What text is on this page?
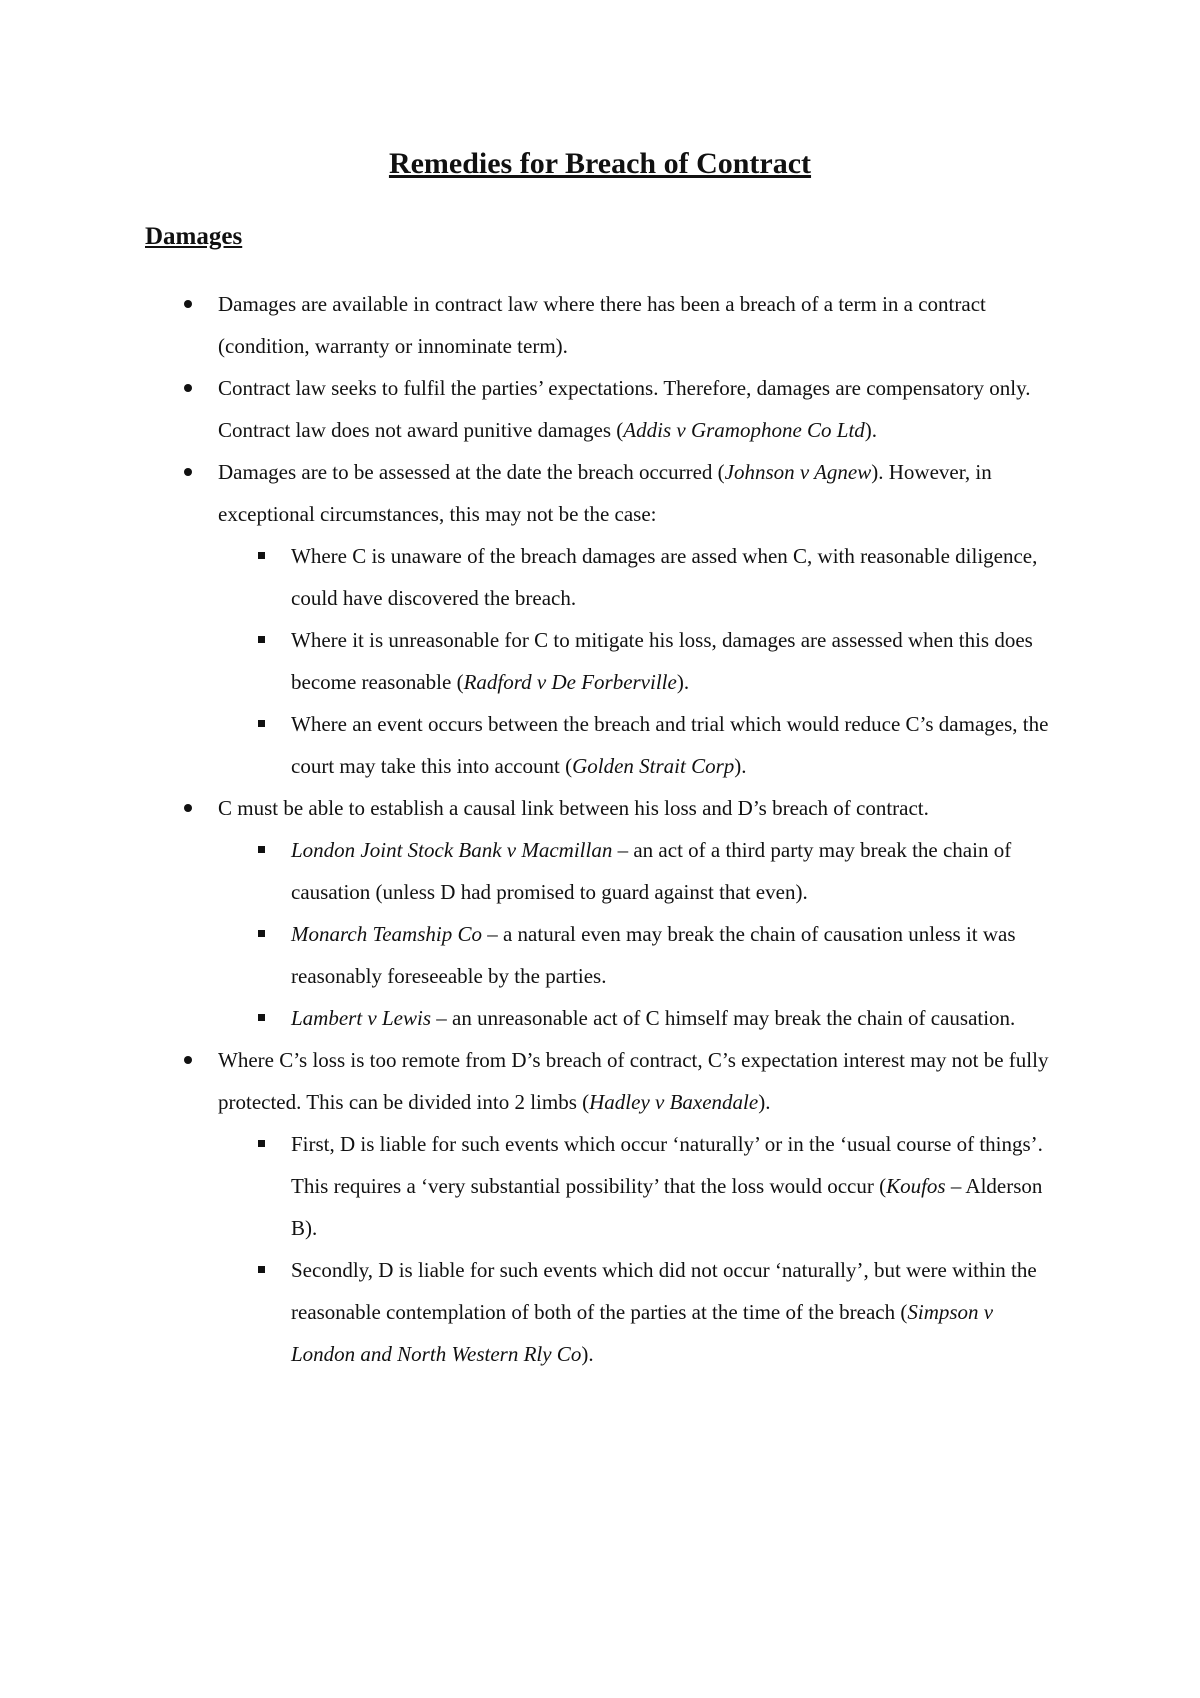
Remedies for Breach of Contract
Damages
Damages are available in contract law where there has been a breach of a term in a contract (condition, warranty or innominate term).
Contract law seeks to fulfil the parties’ expectations. Therefore, damages are compensatory only. Contract law does not award punitive damages (Addis v Gramophone Co Ltd).
Damages are to be assessed at the date the breach occurred (Johnson v Agnew). However, in exceptional circumstances, this may not be the case:
Where C is unaware of the breach damages are assed when C, with reasonable diligence, could have discovered the breach.
Where it is unreasonable for C to mitigate his loss, damages are assessed when this does become reasonable (Radford v De Forberville).
Where an event occurs between the breach and trial which would reduce C’s damages, the court may take this into account (Golden Strait Corp).
C must be able to establish a causal link between his loss and D’s breach of contract.
London Joint Stock Bank v Macmillan – an act of a third party may break the chain of causation (unless D had promised to guard against that even).
Monarch Teamship Co – a natural even may break the chain of causation unless it was reasonably foreseeable by the parties.
Lambert v Lewis – an unreasonable act of C himself may break the chain of causation.
Where C’s loss is too remote from D’s breach of contract, C’s expectation interest may not be fully protected. This can be divided into 2 limbs (Hadley v Baxendale).
First, D is liable for such events which occur ‘naturally’ or in the ‘usual course of things’. This requires a ‘very substantial possibility’ that the loss would occur (Koufos – Alderson B).
Secondly, D is liable for such events which did not occur ‘naturally’, but were within the reasonable contemplation of both of the parties at the time of the breach (Simpson v London and North Western Rly Co).
